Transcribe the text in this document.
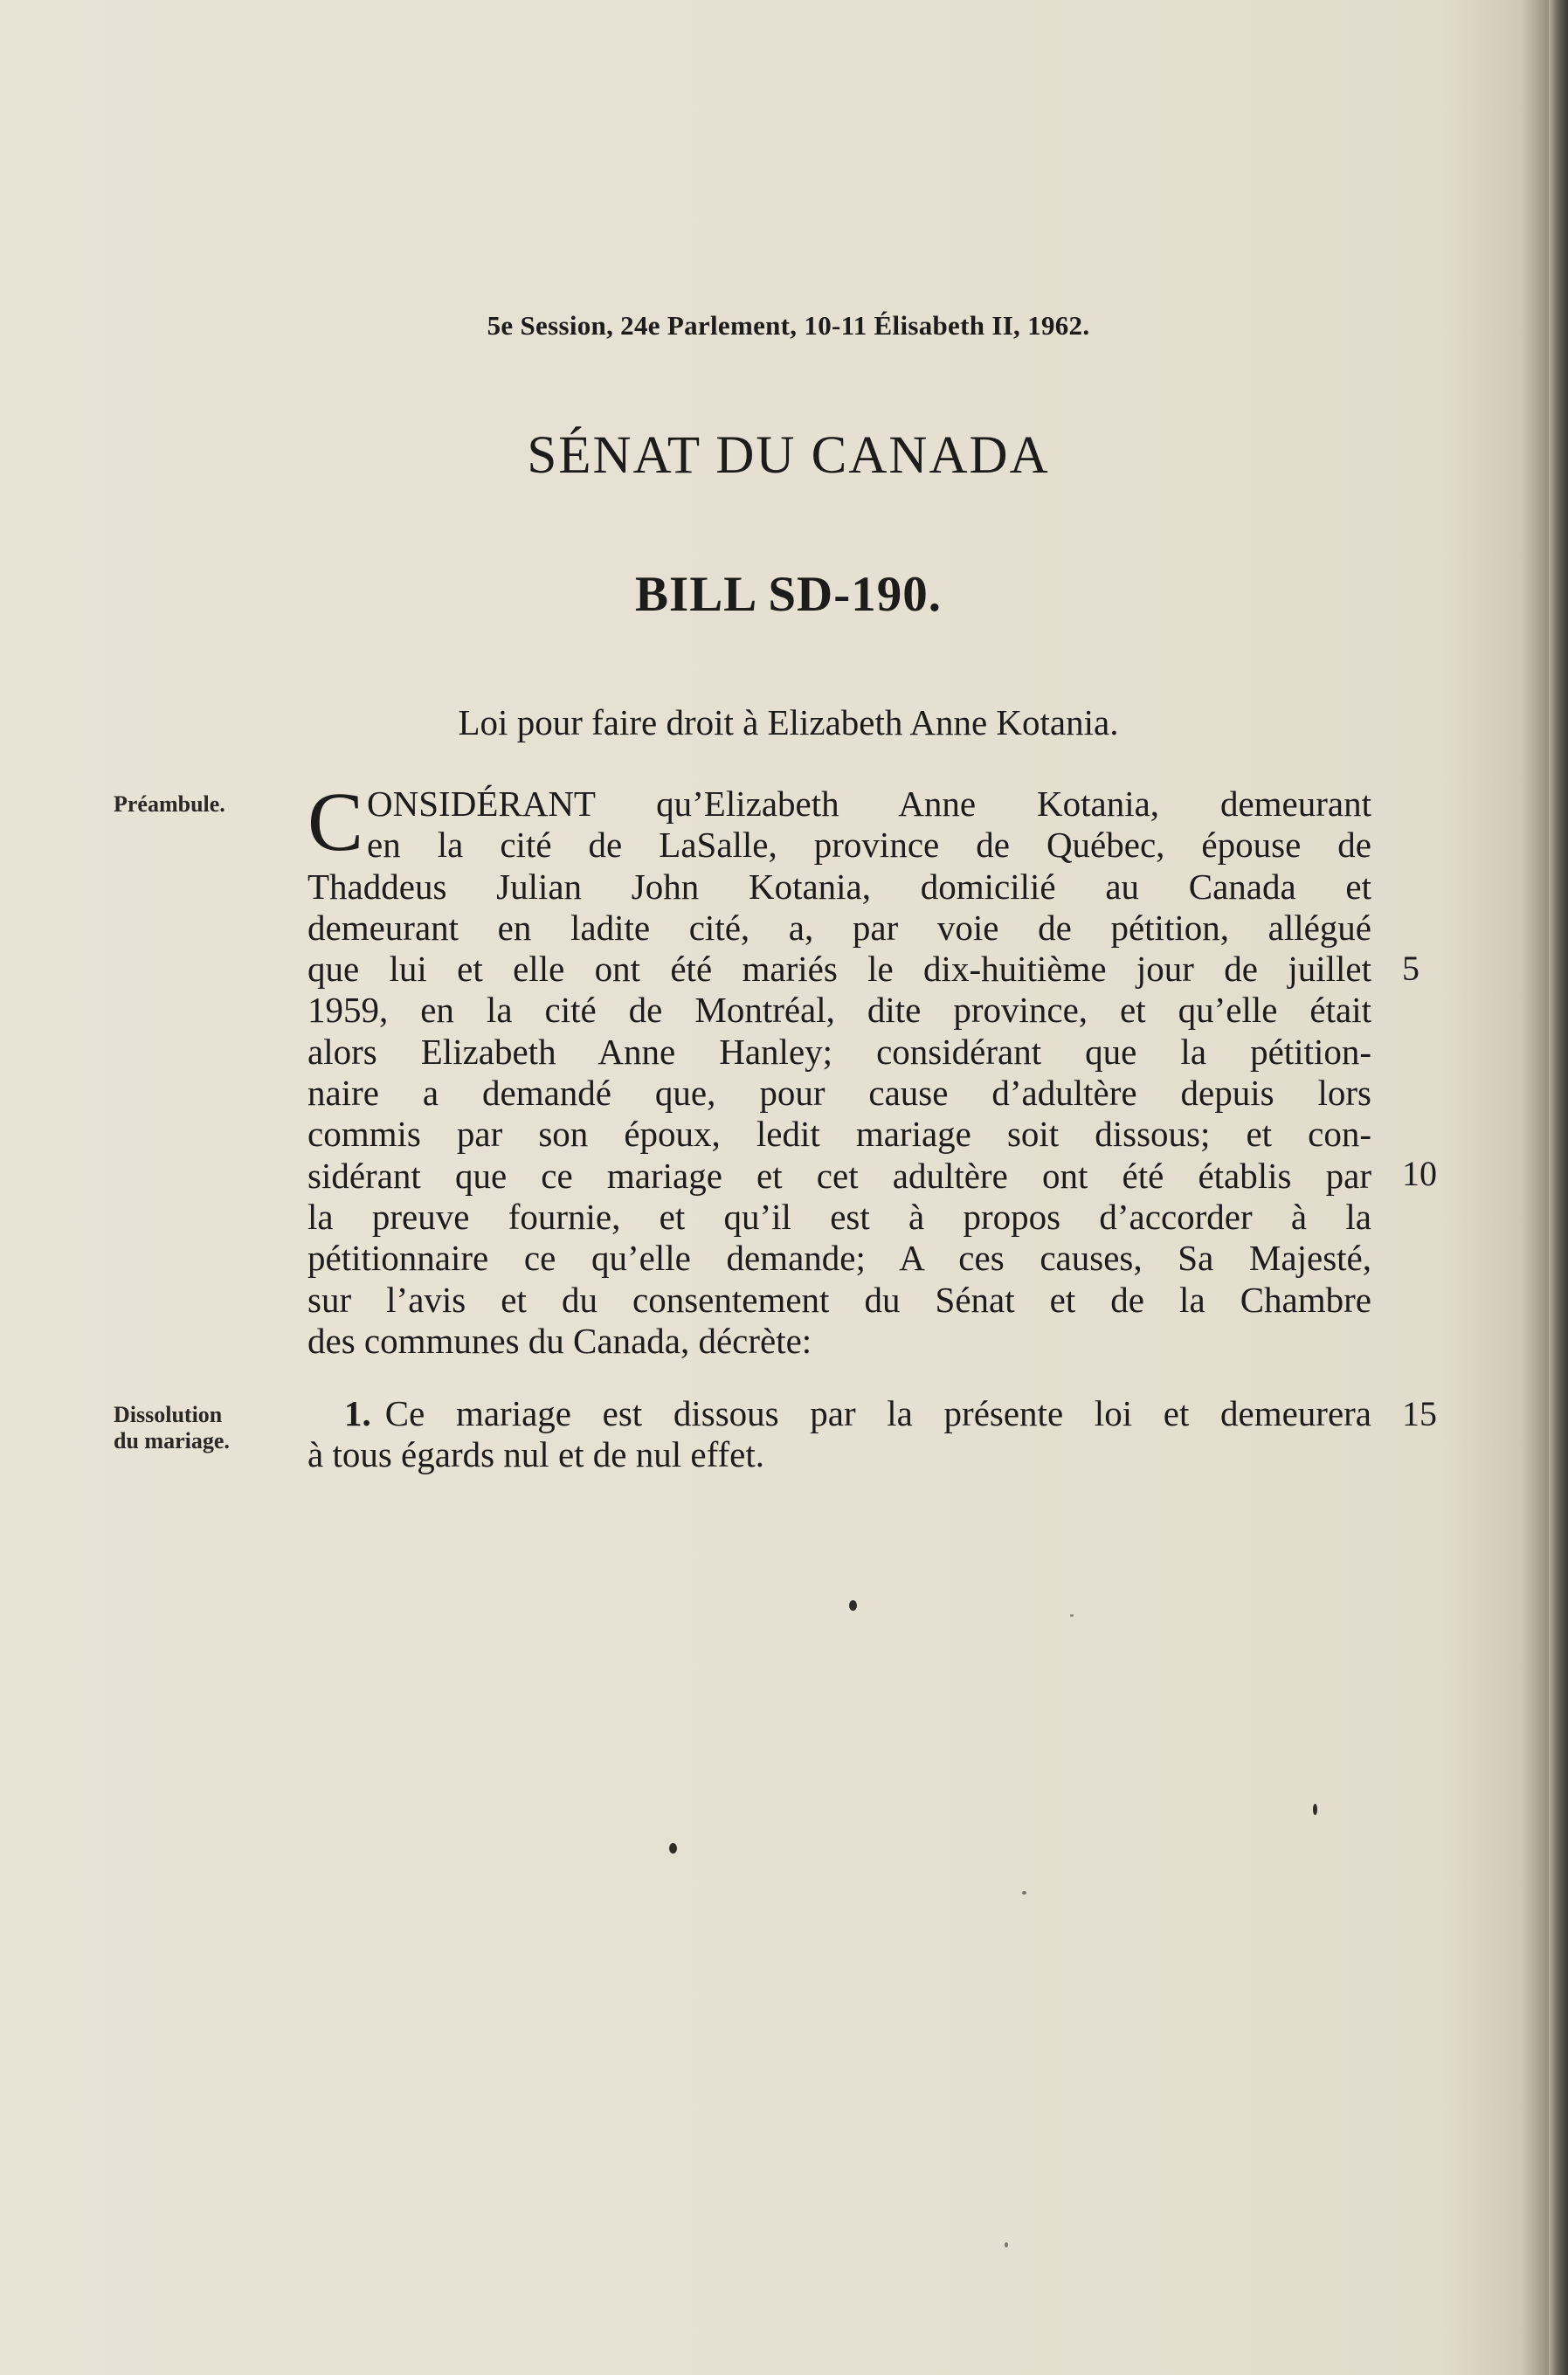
5e Session, 24e Parlement, 10-11 Élisabeth II, 1962.
SÉNAT DU CANADA
BILL SD-190.
Loi pour faire droit à Elizabeth Anne Kotania.
Préambule.
Dissolution
du mariage.
C ONSIDÉRANT qu’Elizabeth Anne Kotania, demeurant
en la cité de LaSalle, province de Québec, épouse de
Thaddeus Julian John Kotania, domicilié au Canada et
demeurant en ladite cité, a, par voie de pétition, allégué
que lui et elle ont été mariés le dix-huitième jour de juillet
1959, en la cité de Montréal, dite province, et qu’elle était
alors Elizabeth Anne Hanley; considérant que la pétition-
naire a demandé que, pour cause d’adultère depuis lors
commis par son époux, ledit mariage soit dissous; et con-
sidérant que ce mariage et cet adultère ont été établis par
la preuve fournie, et qu’il est à propos d’accorder à la
pétitionnaire ce qu’elle demande; A ces causes, Sa Majesté,
sur l’avis et du consentement du Sénat et de la Chambre
des communes du Canada, décrète:
1. Ce mariage est dissous par la présente loi et demeurera
à tous égards nul et de nul effet.
5
10
15
